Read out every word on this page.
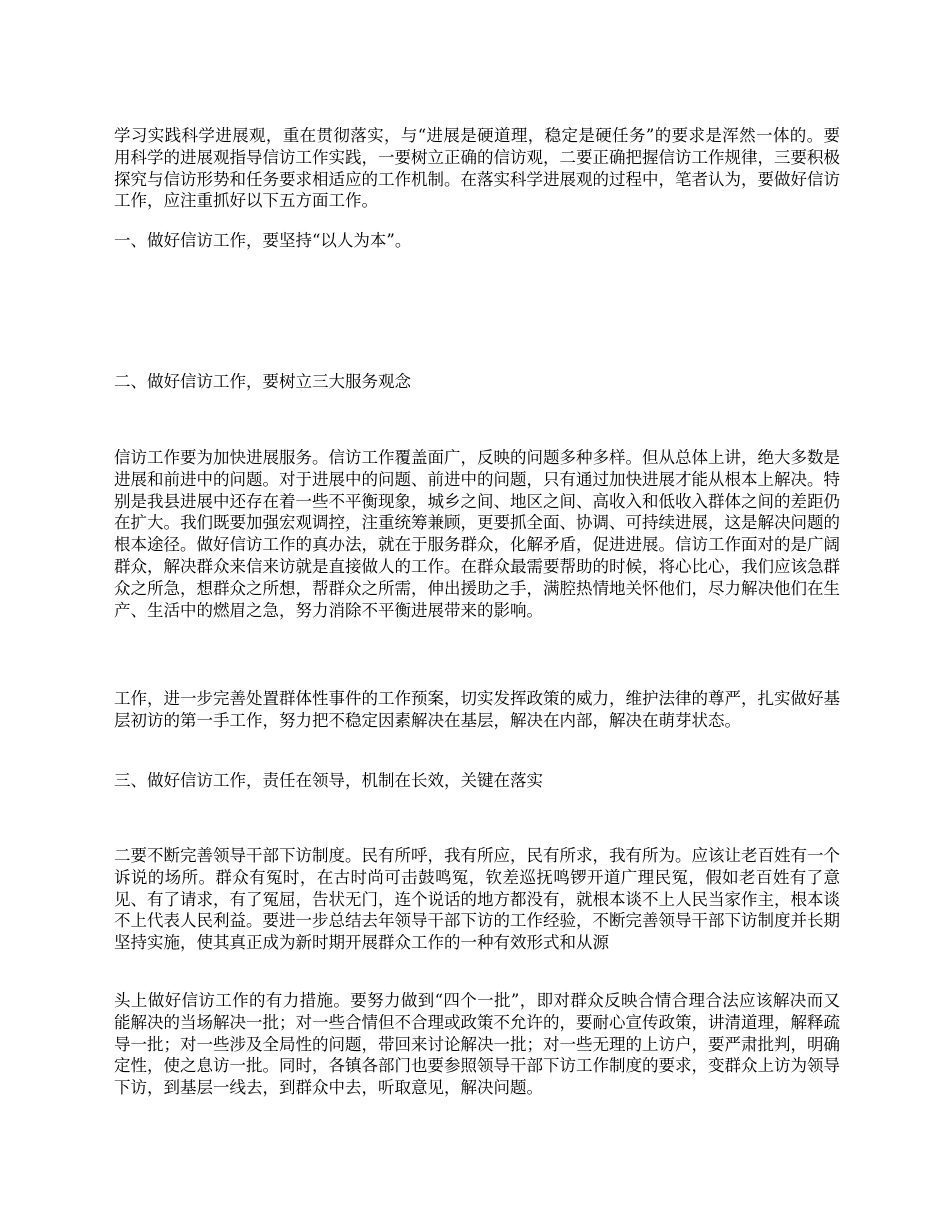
学习实践科学进展观，重在贯彻落实，与“进展是硬道理，稳定是硬任务”的要求是浑然一体的。要用科学的进展观指导信访工作实践，一要树立正确的信访观，二要正确把握信访工作规律，三要积极探究与信访形势和任务要求相适应的工作机制。在落实科学进展观的过程中，笔者认为，要做好信访工作，应注重抓好以下五方面工作。

一、做好信访工作，要坚持“以人为本”。

二、做好信访工作，要树立三大服务观念

信访工作要为加快进展服务。信访工作覆盖面广，反映的问题多种多样。但从总体上讲，绝大多数是进展和前进中的问题。对于进展中的问题、前进中的问题，只有通过加快进展才能从根本上解决。特别是我县进展中还存在着一些不平衡现象，城乡之间、地区之间、高收入和低收入群体之间的差距仍在扩大。我们既要加强宏观调控，注重统筹兼顾，更要抓全面、协调、可持续进展，这是解决问题的根本途径。做好信访工作的真办法，就在于服务群众，化解矛盾，促进进展。信访工作面对的是广阔群众，解决群众来信来访就是直接做人的工作。在群众最需要帮助的时候，将心比心，我们应该急群众之所急，想群众之所想，帮群众之所需，伸出援助之手，满腔热情地关怀他们，尽力解决他们在生产、生活中的燃眉之急，努力消除不平衡进展带来的影响。

工作，进一步完善处置群体性事件的工作预案，切实发挥政策的威力，维护法律的尊严，扎实做好基层初访的第一手工作，努力把不稳定因素解决在基层，解决在内部，解决在萌芽状态。

三、做好信访工作，责任在领导，机制在长效，关键在落实

二要不断完善领导干部下访制度。民有所呼，我有所应，民有所求，我有所为。应该让老百姓有一个诉说的场所。群众有冤时，在古时尚可击鼓鸣冤，钦差巡抚鸣锣开道广理民冤，假如老百姓有了意见、有了请求，有了冤屈，告状无门，连个说话的地方都没有，就根本谈不上人民当家作主，根本谈不上代表人民利益。要进一步总结去年领导干部下访的工作经验，不断完善领导干部下访制度并长期坚持实施，使其真正成为新时期开展群众工作的一种有效形式和从源

头上做好信访工作的有力措施。要努力做到“四个一批”，即对群众反映合情合理合法应该解决而又能解决的当场解决一批；对一些合情但不合理或政策不允许的，要耐心宣传政策，讲清道理，解释疏导一批；对一些涉及全局性的问题，带回来讨论解决一批；对一些无理的上访户，要严肃批判，明确定性，使之息访一批。同时，各镇各部门也要参照领导干部下访工作制度的要求，变群众上访为领导下访，到基层一线去，到群众中去，听取意见，解决问题。
